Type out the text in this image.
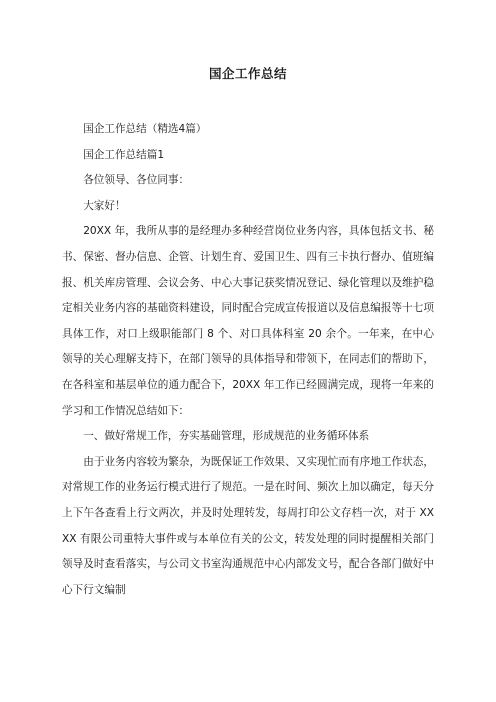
国企工作总结

国企工作总结（精选4篇）

国企工作总结篇1

各位领导、各位同事：

大家好！

20XX 年，我所从事的是经理办多种经营岗位业务内容，具体包括文书、秘书、保密、督办信息、企管、计划生育、爱国卫生、四有三卡执行督办、值班编报、机关库房管理、会议会务、中心大事记获奖情况登记、绿化管理以及维护稳定相关业务内容的基础资料建设，同时配合完成宣传报道以及信息编报等十七项具体工作，对口上级职能部门 8 个、对口具体科室 20 余个。一年来，在中心领导的关心理解支持下，在部门领导的具体指导和带领下，在同志们的帮助下，在各科室和基层单位的通力配合下，20XX 年工作已经圆满完成，现将一年来的学习和工作情况总结如下：

一、做好常规工作，夯实基础管理，形成规范的业务循环体系

由于业务内容较为繁杂，为既保证工作效果、又实现忙而有序地工作状态，对常规工作的业务运行模式进行了规范。一是在时间、频次上加以确定，每天分上下午各查看上行文两次，并及时处理转发，每周打印公文存档一次，对于 XXXX 有限公司重特大事件或与本单位有关的公文，转发处理的同时提醒相关部门领导及时查看落实，与公司文书室沟通规范中心内部发文号，配合各部门做好中心下行文编制
